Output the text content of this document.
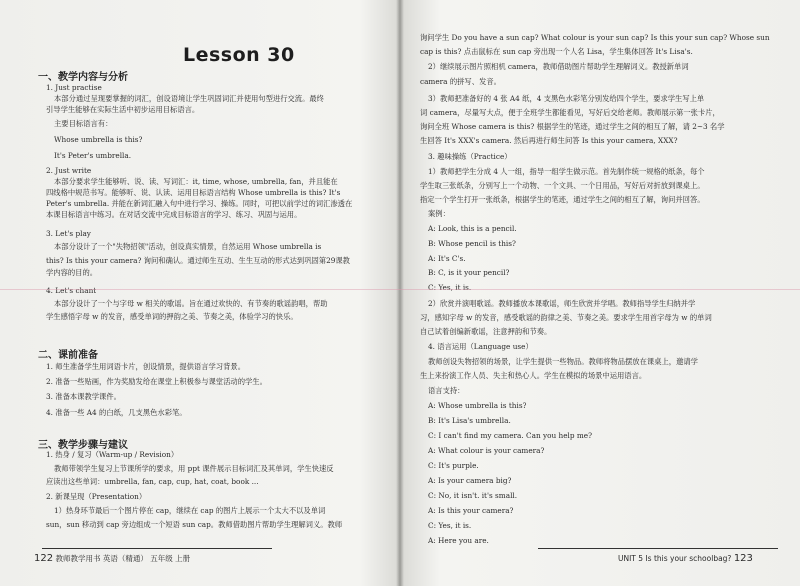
Lesson 30
一、教学内容与分析
1. Just practise
本部分通过呈现要掌握的词汇，创设语境让学生巩固词汇并使用句型进行交流。最终
引导学生能够在实际生活中初步运用目标语言。
主要目标语言有：
Whose umbrella is this?
It's Peter's umbrella.
2. Just write
本部分要求学生能够听、说、读、写词汇：it, time, whose, umbrella, fan，并且能在
四线格中规范书写。能够听、说、认读、运用目标语言结构 Whose umbrella is this? It's
Peter's umbrella. 并能在新词汇融入句中进行学习、操练。同时，可把以前学过的词汇渗透在
本课目标语言中练习。在对话交流中完成目标语言的学习、练习、巩固与运用。
3. Let's play
本部分设计了一个"失物招领"活动，创设真实情景，自然运用 Whose umbrella is
this? Is this your camera? 询问和确认。通过师生互动、生生互动的形式达到巩固第29课教
学内容的目的。
4. Let's chant
本部分设计了一个与字母 w 相关的歌谣。旨在通过欢快的、有节奏的歌谣韵唱，帮助
学生感悟字母 w 的发音，感受单词的押韵之美、节奏之美，体验学习的快乐。
二、课前准备
1. 师生准备学生用词语卡片，创设情景，提供语言学习背景。
2. 准备一些贴画，作为奖励发给在课堂上积极参与课堂活动的学生。
3. 准备本课教学课件。
4. 准备一些 A4 的白纸，几支黑色水彩笔。
三、教学步骤与建议
1. 热身 / 复习（Warm-up / Revision）
教师带领学生复习上节课所学的要求，用 ppt 课件展示目标词汇及其单词，学生快速反
应读出这些单词：umbrella, fan, cap, cup, hat, coat, book ...
2. 新课呈现（Presentation）
1）热身环节最后一个图片停在 cap，继续在 cap 的图片上展示一个太大不以及单词
sun，sun 移动到 cap 旁边组成一个短语 sun cap。教师借助图片帮助学生理解词义。教师
122 教师教学用书 英语（精通） 五年级 上册
询问学生 Do you have a sun cap? What colour is your sun cap? Is this your sun cap? Whose sun
cap is this? 点击鼠标在 sun cap 旁出现一个人名 Lisa，学生集体回答 It's Lisa's.
2）继续展示图片照相机 camera，教师借助图片帮助学生理解词义。教授新单词
camera 的拼写、发音。
3）教师把准备好的 4 张 A4 纸，4 支黑色水彩笔分别发给四个学生，要求学生写上单
词 camera，尽量写大点，便于全班学生都能看见，写好后交给老师。教师展示第一张卡片，
询问全班 Whose camera is this? 根据学生的笔迹，通过学生之间的相互了解，请 2~3 名学
生回答 It's XXX's camera. 然后再进行师生问答 Is this your camera, XXX?
3. 趣味操练（Practice）
1）教师把学生分成 4 人一组，指导一组学生做示范。首先制作统一规格的纸条，每个
学生取三张纸条，分别写上一个动物、一个文具、一个日用品，写好后对折放到课桌上。
指定一个学生打开一张纸条，根据学生的笔迹，通过学生之间的相互了解，询问并回答。
案例：
A: Look, this is a pencil.
B: Whose pencil is this?
A: It's C's.
B: C, is it your pencil?
C: Yes, it is.
2）欣赏并演唱歌谣。教师播放本课歌谣，师生欣赏并学唱。教师指导学生归纳并学
习，感知字母 w 的发音，感受歌谣的韵律之美、节奏之美。要求学生用首字母为 w 的单词
自己试着创编新歌谣，注意押韵和节奏。
4. 语言运用（Language use）
教师创设失物招领的场景，让学生提供一些物品。教师将物品摆放在课桌上，邀请学
生上来扮演工作人员、失主和热心人。学生在模拟的场景中运用语言。
语言支持：
A: Whose umbrella is this?
B: It's Lisa's umbrella.
C: I can't find my camera. Can you help me?
A: What colour is your camera?
C: It's purple.
A: Is your camera big?
C: No, it isn't. it's small.
A: Is this your camera?
C: Yes, it is.
A: Here you are.
UNIT 5 Is this your schoolbag? 123
